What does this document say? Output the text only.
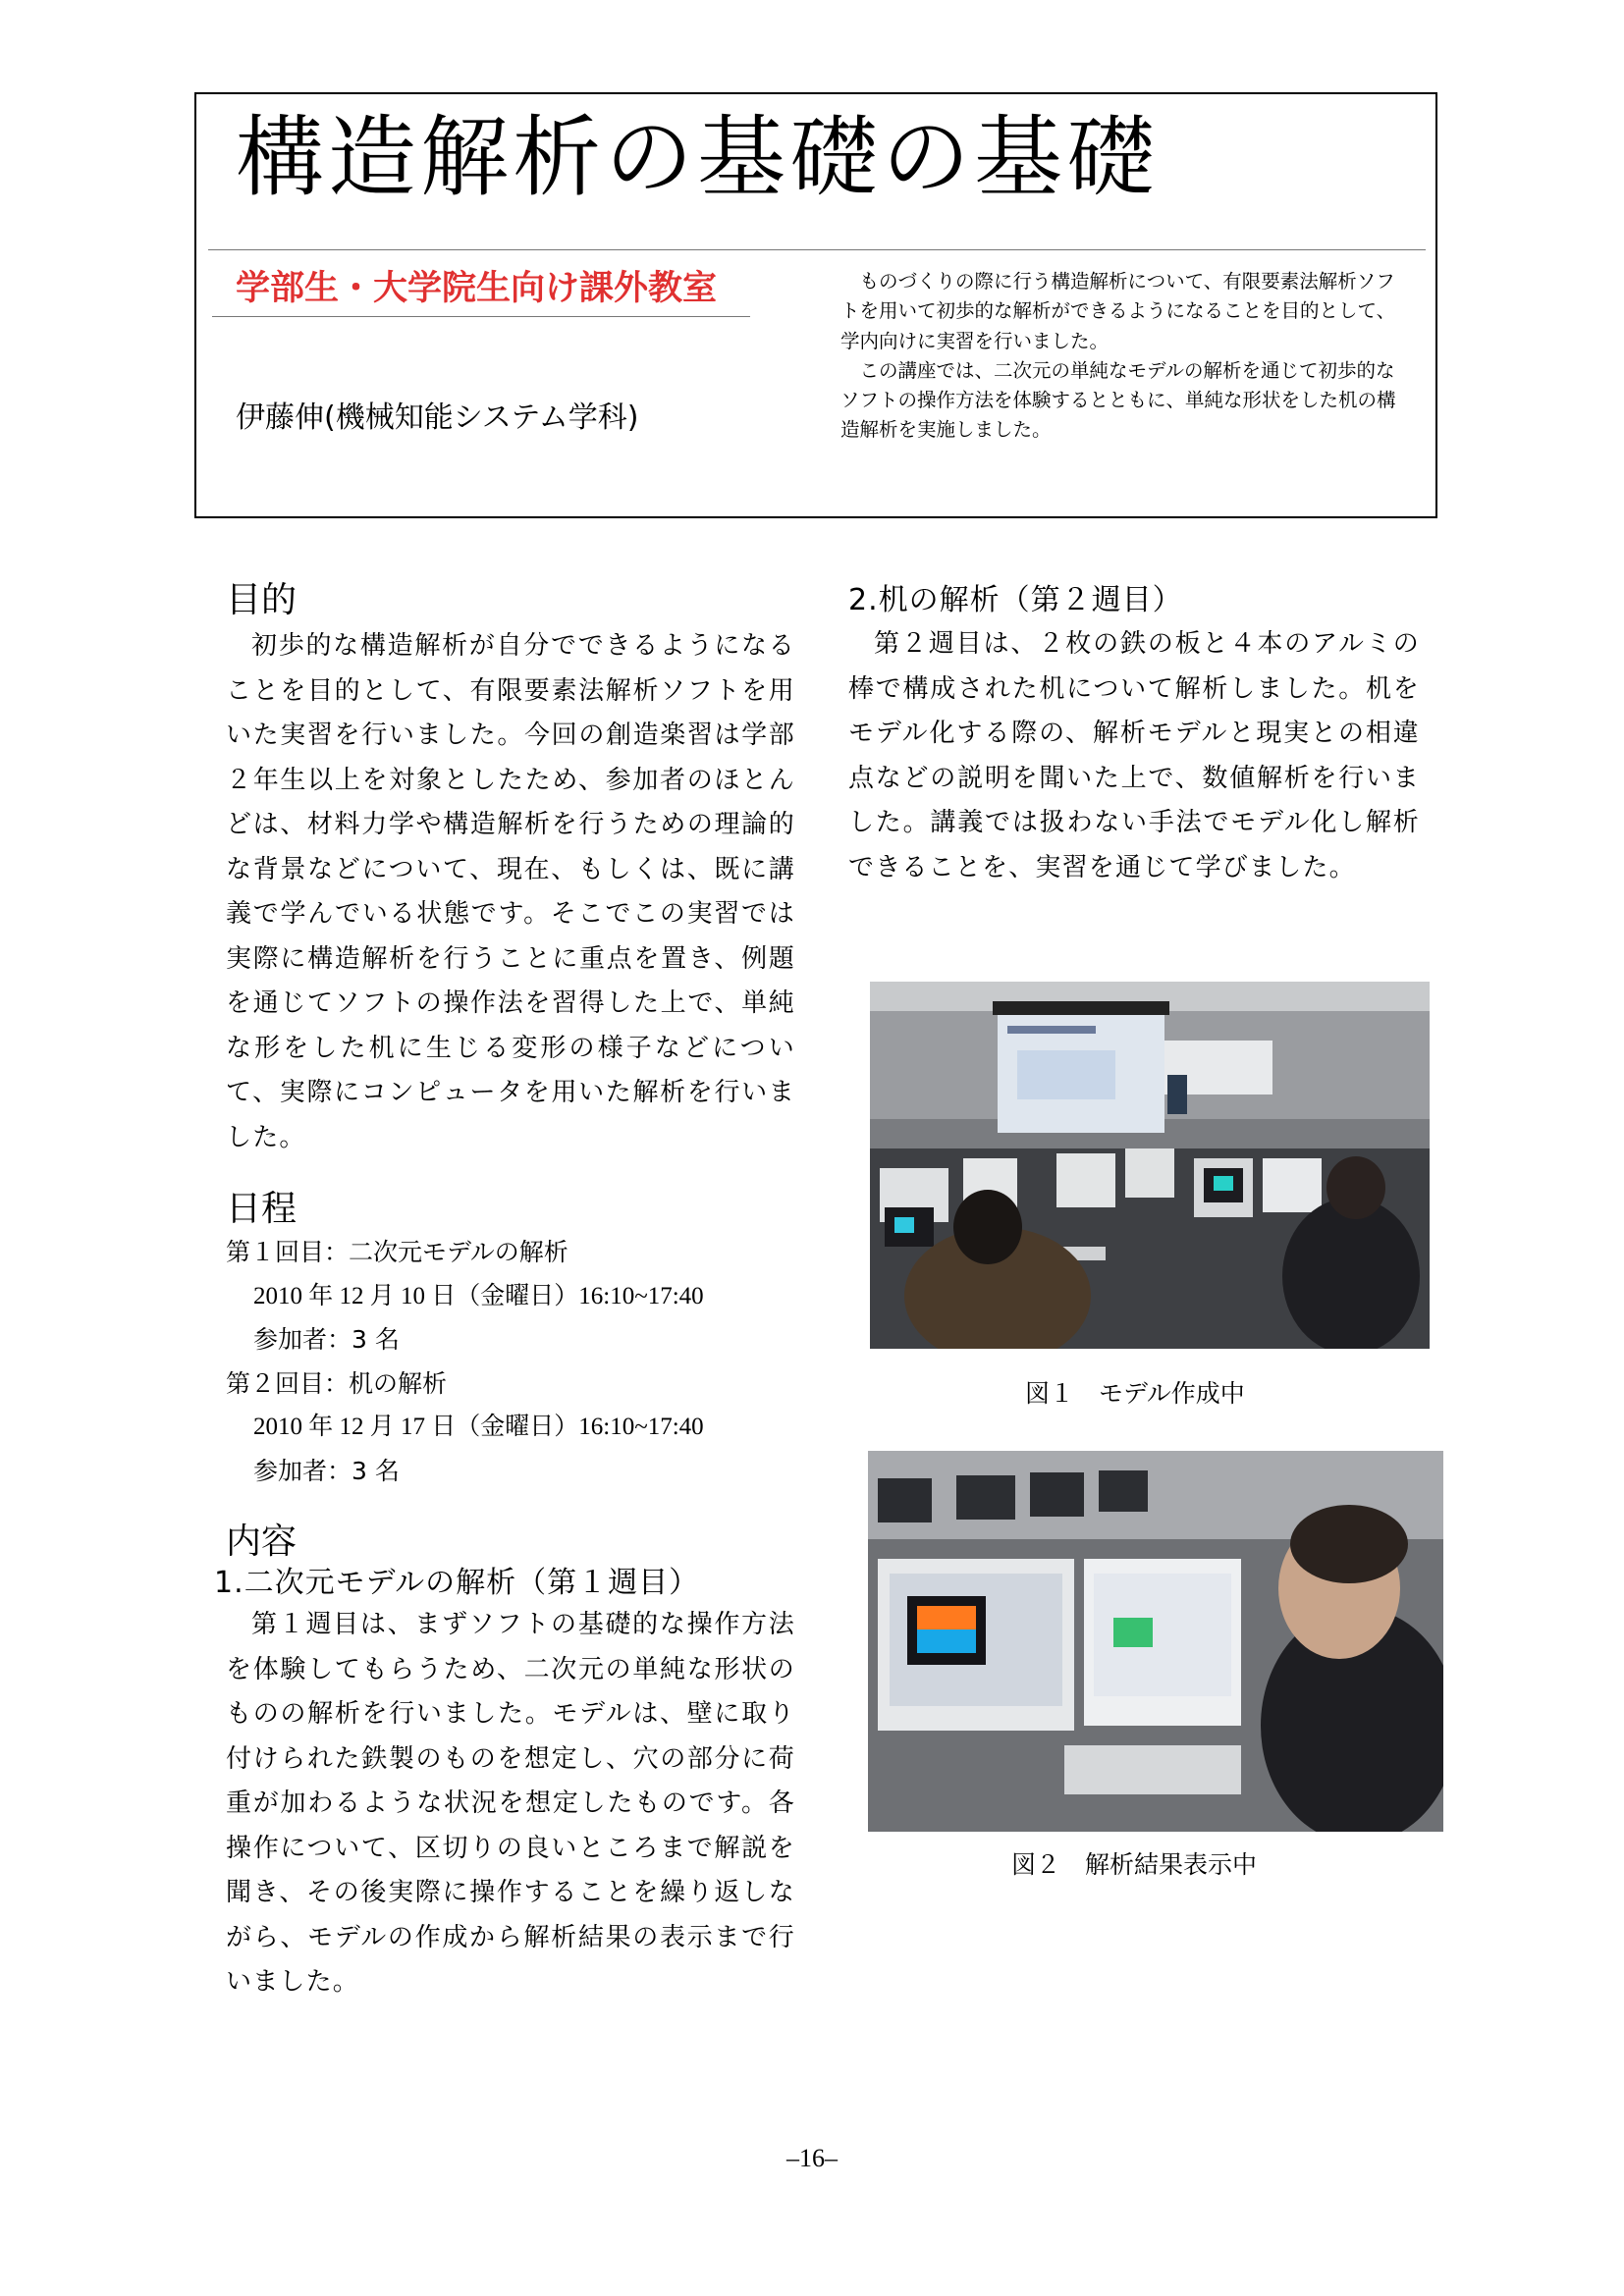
構造解析の基礎の基礎
学部生・大学院生向け課外教室
伊藤伸(機械知能システム学科)

ものづくりの際に行う構造解析について、有限要素法解析ソフトを用いて初歩的な解析ができるようになることを目的として、学内向けに実習を行いました。

この講座では、二次元の単純なモデルの解析を通じて初歩的なソフトの操作方法を体験するとともに、単純な形状をした机の構造解析を実施しました。

目的

初歩的な構造解析が自分でできるようになることを目的として、有限要素法解析ソフトを用いた実習を行いました。今回の創造楽習は学部２年生以上を対象としたため、参加者のほとんどは、材料力学や構造解析を行うための理論的な背景などについて、現在、もしくは、既に講義で学んでいる状態です。そこでこの実習では実際に構造解析を行うことに重点を置き、例題を通じてソフトの操作法を習得した上で、単純な形をした机に生じる変形の様子などについて、実際にコンピュータを用いた解析を行いました。

日程
第１回目：二次元モデルの解析
2010 年 12 月 10 日（金曜日）16:10~17:40
参加者：3 名
第２回目：机の解析
2010 年 12 月 17 日（金曜日）16:10~17:40
参加者：3 名
内容
1.二次元モデルの解析（第１週目）

第１週目は、まずソフトの基礎的な操作方法を体験してもらうため、二次元の単純な形状のものの解析を行いました。モデルは、壁に取り付けられた鉄製のものを想定し、穴の部分に荷重が加わるような状況を想定したものです。各操作について、区切りの良いところまで解説を聞き、その後実際に操作することを繰り返しながら、モデルの作成から解析結果の表示まで行いました。

2.机の解析（第２週目）

第２週目は、２枚の鉄の板と４本のアルミの棒で構成された机について解析しました。机をモデル化する際の、解析モデルと現実との相違点などの説明を聞いた上で、数値解析を行いました。講義では扱わない手法でモデル化し解析できることを、実習を通じて学びました。

図１　モデル作成中
図２　解析結果表示中
–16–
